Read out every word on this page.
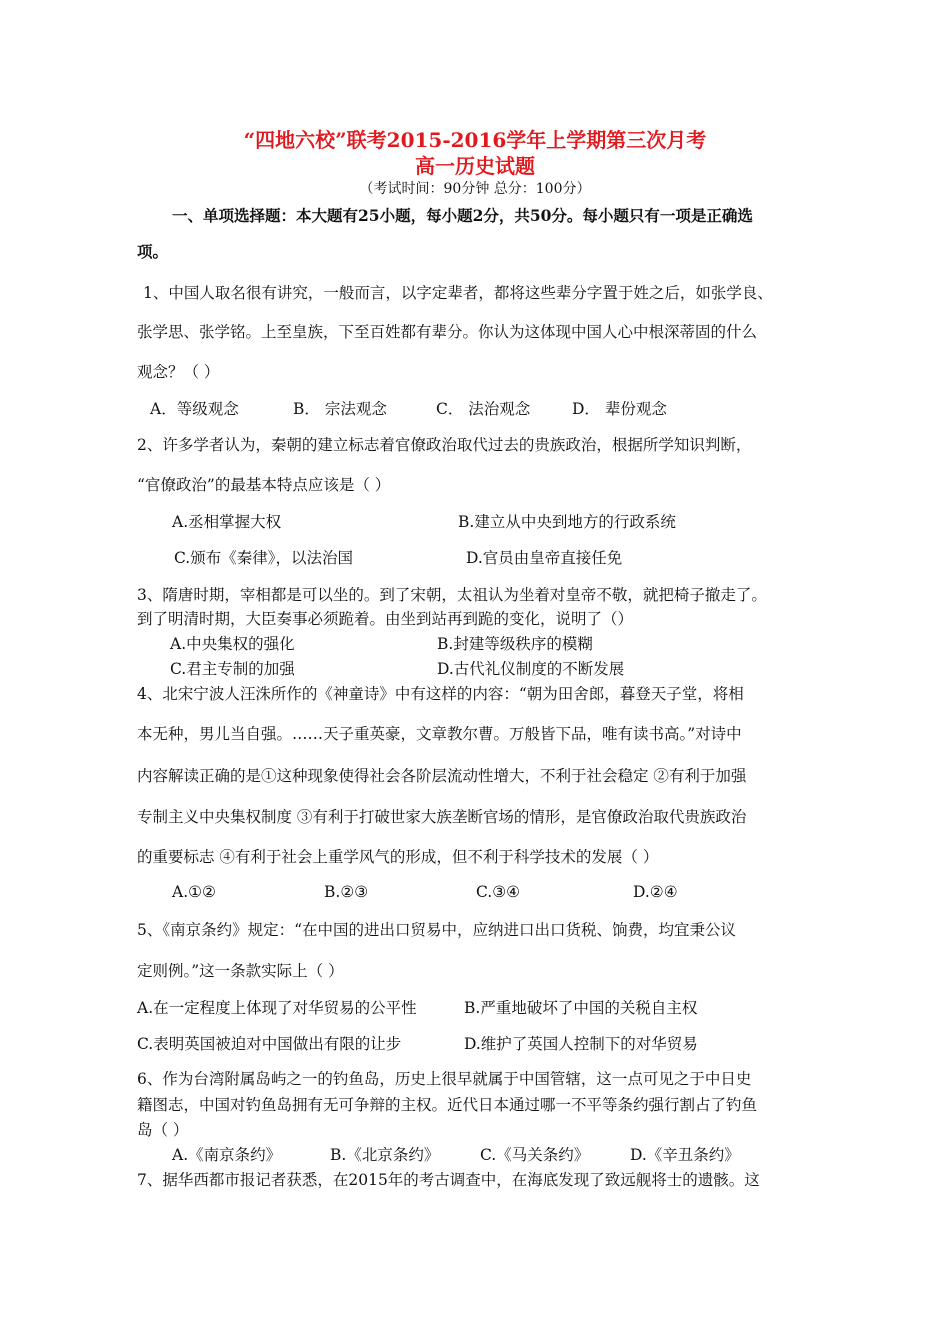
“四地六校”联考2015-2016学年上学期第三次月考
高一历史试题
（考试时间：90分钟 总分：100分）
一、单项选择题：本大题有25小题，每小题2分，共50分。每小题只有一项是正确选
项。
1、中国人取名很有讲究，一般而言，以字定辈者，都将这些辈分字置于姓之后，如张学良、
张学思、张学铭。上至皇族，下至百姓都有辈分。你认为这体现中国人心中根深蒂固的什么
观念？（ ）
A．等级观念	B． 宗法观念	C． 法治观念	D． 辈份观念
2、许多学者认为，秦朝的建立标志着官僚政治取代过去的贵族政治，根据所学知识判断，
“官僚政治”的最基本特点应该是（ ）
A.丞相掌握大权	B.建立从中央到地方的行政系统
C.颁布《秦律》，以法治国	D.官员由皇帝直接任免
3、隋唐时期，宰相都是可以坐的。到了宋朝，太祖认为坐着对皇帝不敬，就把椅子撤走了。
到了明清时期，大臣奏事必须跪着。由坐到站再到跪的变化，说明了（）
A.中央集权的强化	B.封建等级秩序的模糊
C.君主专制的加强	D.古代礼仪制度的不断发展
4、北宋宁波人汪洙所作的《神童诗》中有这样的内容：“朝为田舍郎，暮登天子堂，将相
本无种，男儿当自强。……天子重英豪，文章教尔曹。万般皆下品，唯有读书高。”对诗中
内容解读正确的是①这种现象使得社会各阶层流动性增大，不利于社会稳定 ②有利于加强
专制主义中央集权制度 ③有利于打破世家大族垄断官场的情形，是官僚政治取代贵族政治
的重要标志 ④有利于社会上重学风气的形成，但不利于科学技术的发展（ ）
A.①②	B.②③	C.③④	D.②④
5、《南京条约》规定：“在中国的进出口贸易中，应纳进口出口货税、饷费，均宜秉公议
定则例。”这一条款实际上（ ）
A.在一定程度上体现了对华贸易的公平性	B.严重地破坏了中国的关税自主权
C.表明英国被迫对中国做出有限的让步	D.维护了英国人控制下的对华贸易
6、作为台湾附属岛屿之一的钓鱼岛，历史上很早就属于中国管辖，这一点可见之于中日史
籍图志，中国对钓鱼岛拥有无可争辩的主权。近代日本通过哪一不平等条约强行割占了钓鱼
岛（ ）
A.《南京条约》	B.《北京条约》	C.《马关条约》	D.《辛丑条约》
7、据华西都市报记者获悉，在2015年的考古调查中，在海底发现了致远舰将士的遗骸。这
